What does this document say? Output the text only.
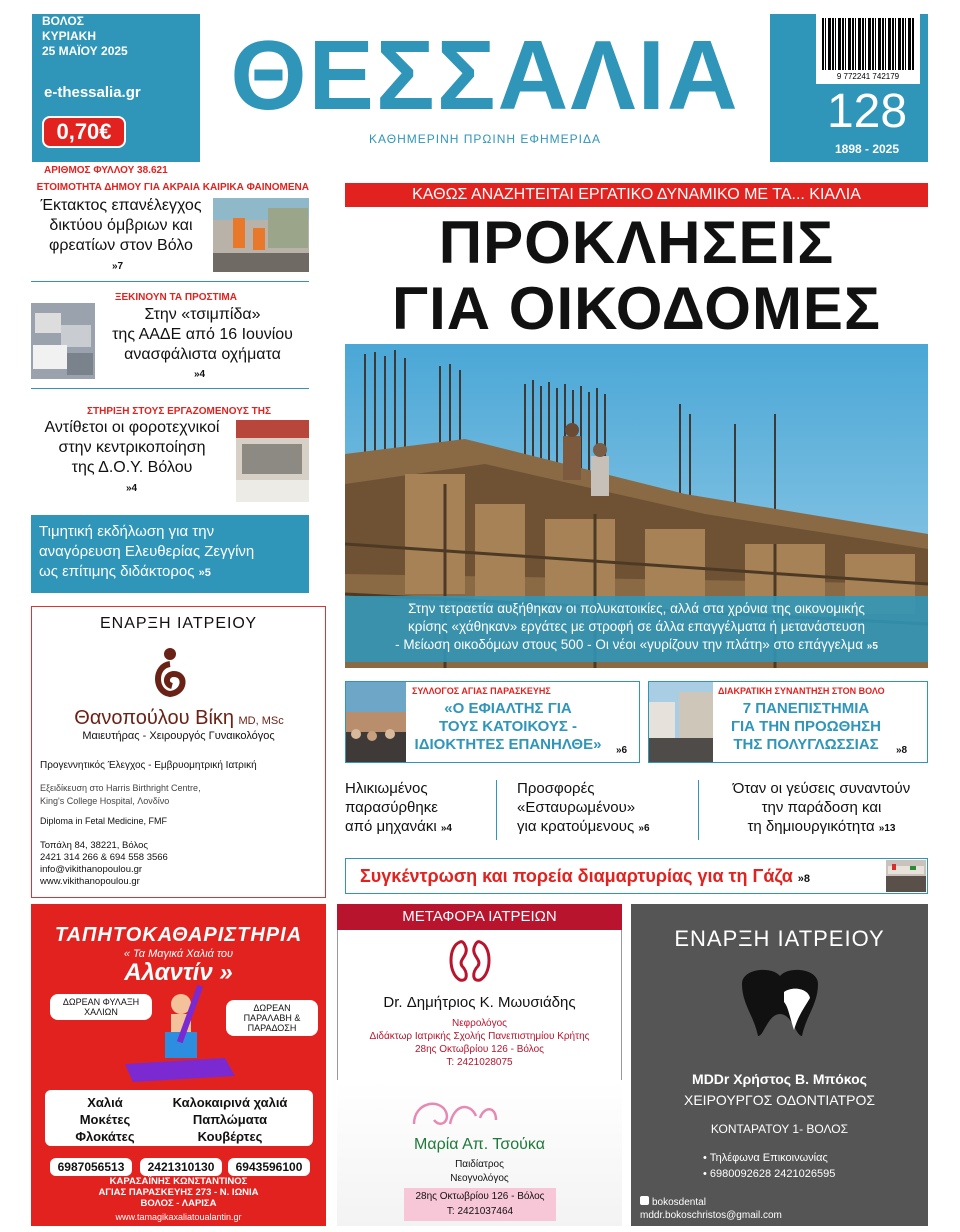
ΒΟΛΟΣ
ΚΥΡΙΑΚΗ
25 ΜΑΪΟΥ 2025
e-thessalia.gr
0,70€
ΘΕΣΣΑΛΙΑ
ΚΑΘΗΜΕΡΙΝΗ ΠΡΩΙΝΗ ΕΦΗΜΕΡΙΔΑ
9 772241 742179
128
1898 - 2025
ΑΡΙΘΜΟΣ ΦΥΛΛΟΥ 38.621
ΕΤΟΙΜΟΤΗΤΑ ΔΗΜΟΥ ΓΙΑ ΑΚΡΑΙΑ ΚΑΙΡΙΚΑ ΦΑΙΝΟΜΕΝΑ
Έκτακτος επανέλεγχος
δικτύου όμβριων και
φρεατίων στον Βόλο
»7
ΞΕΚΙΝΟΥΝ ΤΑ ΠΡΟΣΤΙΜΑ
Στην «τσιμπίδα»
της ΑΑΔΕ από 16 Ιουνίου
ανασφάλιστα οχήματα
»4
ΣΤΗΡΙΞΗ ΣΤΟΥΣ ΕΡΓΑΖΟΜΕΝΟΥΣ ΤΗΣ
Αντίθετοι οι φοροτεχνικοί
στην κεντρικοποίηση
της Δ.Ο.Υ. Βόλου
»4
Τιμητική εκδήλωση για την
αναγόρευση Ελευθερίας Ζεγγίνη
ως επίτιμης διδάκτορος »5
ΚΑΘΩΣ ΑΝΑΖΗΤΕΙΤΑΙ ΕΡΓΑΤΙΚΟ ΔΥΝΑΜΙΚΟ ΜΕ ΤΑ... ΚΙΑΛΙΑ
ΠΡΟΚΛΗΣΕΙΣ
ΓΙΑ ΟΙΚΟΔΟΜΕΣ
Στην τετραετία αυξήθηκαν οι πολυκατοικίες, αλλά στα χρόνια της οικονομικής
κρίσης «χάθηκαν» εργάτες με στροφή σε άλλα επαγγέλματα ή μετανάστευση
- Μείωση οικοδόμων στους 500 - Οι νέοι «γυρίζουν την πλάτη» στο επάγγελμα »5
ΣΥΛΛΟΓΟΣ ΑΓΙΑΣ ΠΑΡΑΣΚΕΥΗΣ
«Ο ΕΦΙΑΛΤΗΣ ΓΙΑ
ΤΟΥΣ ΚΑΤΟΙΚΟΥΣ -
ΙΔΙΟΚΤΗΤΕΣ ΕΠΑΝΗΛΘΕ»	»6
ΔΙΑΚΡΑΤΙΚΗ ΣΥΝΑΝΤΗΣΗ ΣΤΟΝ ΒΟΛΟ
7 ΠΑΝΕΠΙΣΤΗΜΙΑ
ΓΙΑ ΤΗΝ ΠΡΟΩΘΗΣΗ
ΤΗΣ ΠΟΛΥΓΛΩΣΣΙΑΣ	»8
Ηλικιωμένος
παρασύρθηκε
από μηχανάκι »4
Προσφορές
«Εσταυρωμένου»
για κρατούμενους »6
Όταν οι γεύσεις συναντούν
την παράδοση και
τη δημιουργικότητα »13
Συγκέντρωση και πορεία διαμαρτυρίας για τη Γάζα »8
ΕΝΑΡΞΗ ΙΑΤΡΕΙΟΥ
Θανοπούλου Βίκη MD, MSc
Μαιευτήρας - Χειρουργός Γυναικολόγος
Προγεννητικός Έλεγχος - Εμβρυομητρική Ιατρική
Εξειδίκευση στο Harris Birthright Centre,
King's College Hospital, Λονδίνο
Diploma in Fetal Medicine, FMF
Τοπάλη 84, 38221, Βόλος
2421 314 266 & 694 558 3566
info@vikithanopoulou.gr
www.vikithanopoulou.gr
ΤΑΠΗΤΟΚΑΘΑΡΙΣΤΗΡΙΑ
« Τα Μαγικά Χαλιά του
Αλαντίν »
ΔΩΡΕΑΝ ΦΥΛΑΞΗ ΧΑΛΙΩΝ	ΔΩΡΕΑΝ ΠΑΡΑΛΑΒΗ & ΠΑΡΑΔΟΣΗ
Χαλιά
Μοκέτες
Φλοκάτες
Καλοκαιρινά χαλιά
Παπλώματα
Κουβέρτες
6987056513	2421310130	6943596100
ΚΑΡΑΣΑΪΝΗΣ ΚΩΝΣΤΑΝΤΙΝΟΣ
ΑΓΙΑΣ ΠΑΡΑΣΚΕΥΗΣ 273 - Ν. ΙΩΝΙΑ
ΒΟΛΟΣ - ΛΑΡΙΣΑ
www.tamagikaxaliatoualantin.gr
ΜΕΤΑΦΟΡΑ ΙΑΤΡΕΙΩΝ
Dr. Δημήτριος Κ. Μωυσιάδης
Νεφρολόγος
Διδάκτωρ Ιατρικής Σχολής Πανεπιστημίου Κρήτης
28ης Οκτωβρίου 126 - Βόλος
Τ: 2421028075
Μαρία Απ. Τσούκα
Παιδίατρος
Νεογνολόγος
28ης Οκτωβρίου 126 - Βόλος
Τ: 2421037464
ΕΝΑΡΞΗ ΙΑΤΡΕΙΟΥ
MDDr Χρήστος Β. Μπόκος
ΧΕΙΡΟΥΡΓΟΣ ΟΔΟΝΤΙΑΤΡΟΣ
ΚΟΝΤΑΡΑΤΟΥ 1- ΒΟΛΟΣ
• Τηλέφωνα Επικοινωνίας
• 6980092628 2421026595
bokosdental
mddr.bokoschristos@gmail.com
